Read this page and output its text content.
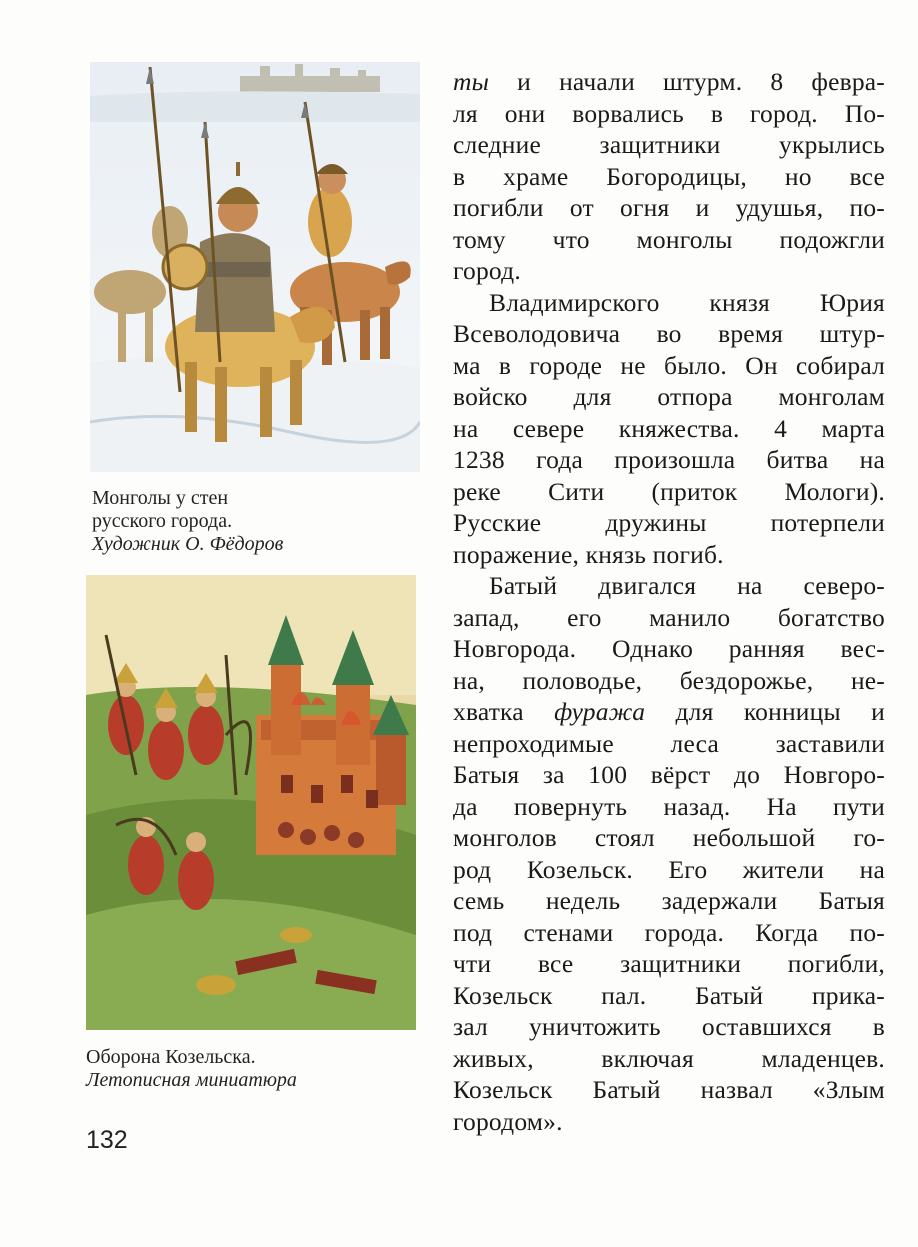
Монголы у стен
русского города.
Художник О. Фёдоров
Оборона Козельска.
Летописная миниатюра
ты и начали штурм. 8 февра-
ля они ворвались в город. По-
следние защитники укрылись
в храме Богородицы, но все
погибли от огня и удушья, по-
тому что монголы подожгли
город.
Владимирского князя Юрия
Всеволодовича во время штур-
ма в городе не было. Он собирал
войско для отпора монголам
на севере княжества. 4 марта
1238 года произошла битва на
реке Сити (приток Мологи).
Русские дружины потерпели
поражение, князь погиб.
Батый двигался на северо-
запад, его манило богатство
Новгорода. Однако ранняя вес-
на, половодье, бездорожье, не-
хватка фуража для конницы и
непроходимые леса заставили
Батыя за 100 вёрст до Новгоро-
да повернуть назад. На пути
монголов стоял небольшой го-
род Козельск. Его жители на
семь недель задержали Батыя
под стенами города. Когда по-
чти все защитники погибли,
Козельск пал. Батый прика-
зал уничтожить оставшихся в
живых, включая младенцев.
Козельск Батый назвал «Злым
городом».
132
